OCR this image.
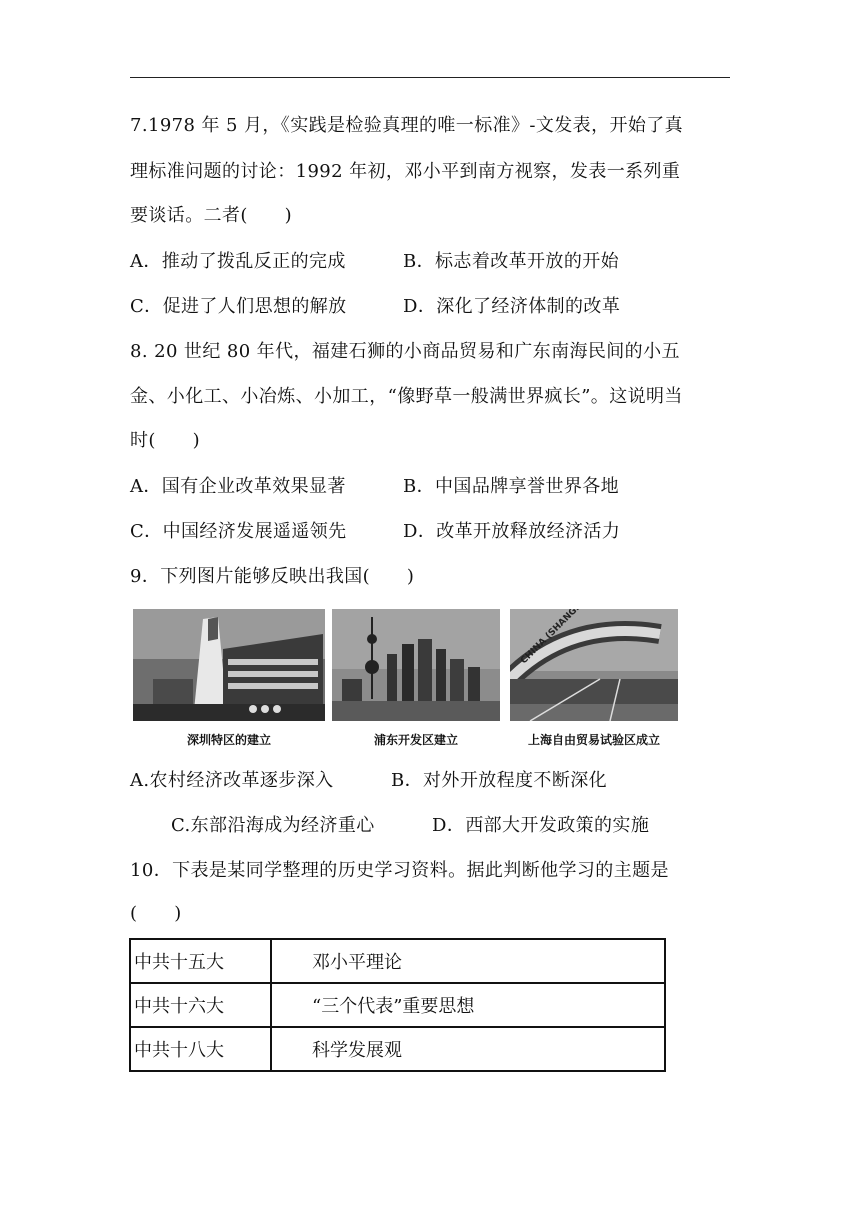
7.1978 年 5 月，《实践是检验真理的唯一标准》-文发表，开始了真
理标准问题的讨论：1992 年初，邓小平到南方视察，发表一系列重
要谈话。二者(　　)
A．推动了拨乱反正的完成	B．标志着改革开放的开始
C．促进了人们思想的解放	D．深化了经济体制的改革
8. 20 世纪 80 年代，福建石狮的小商品贸易和广东南海民间的小五
金、小化工、小冶炼、小加工，“像野草一般满世界疯长”。这说明当
时(　　)
A．国有企业改革效果显著	B．中国品牌享誉世界各地
C．中国经济发展遥遥领先	D．改革开放释放经济活力
9．下列图片能够反映出我国(　　)
深圳特区的建立	浦东开发区建立	上海自由贸易试验区成立
A.农村经济改革逐步深入	B．对外开放程度不断深化
C.东部沿海成为经济重心	D．西部大开发政策的实施
10．下表是某同学整理的历史学习资料。据此判断他学习的主题是
(　　)
中共十五大	邓小平理论
中共十六大	“三个代表”重要思想
中共十八大	科学发展观
